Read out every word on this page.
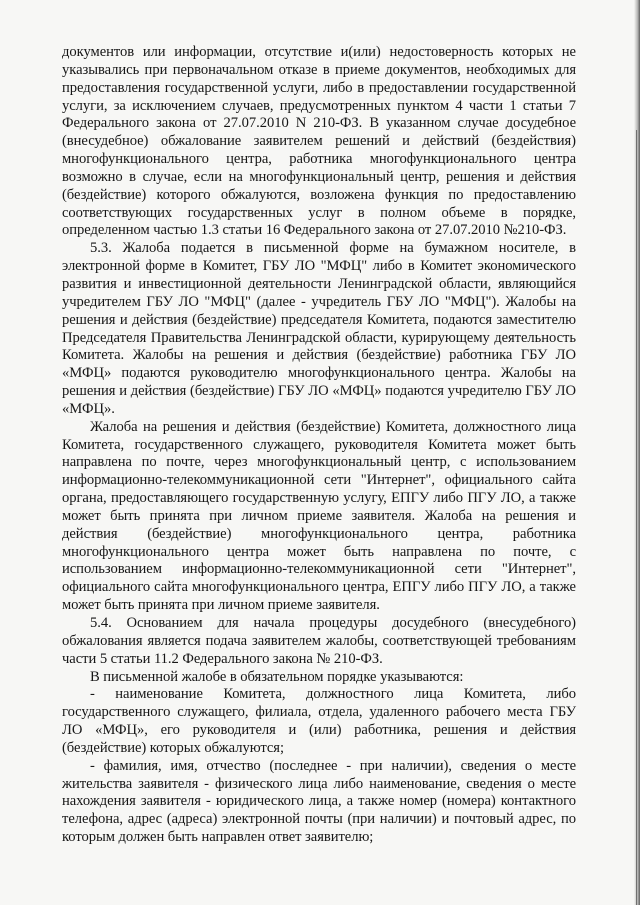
документов или информации, отсутствие и(или) недостоверность которых не указывались при первоначальном отказе в приеме документов, необходимых для предоставления государственной услуги, либо в предоставлении государственной услуги, за исключением случаев, предусмотренных пунктом 4 части 1 статьи 7 Федерального закона от 27.07.2010 N 210-ФЗ. В указанном случае досудебное (внесудебное) обжалование заявителем решений и действий (бездействия) многофункционального центра, работника многофункционального центра возможно в случае, если на многофункциональный центр, решения и действия (бездействие) которого обжалуются, возложена функция по предоставлению соответствующих государственных услуг в полном объеме в порядке, определенном частью 1.3 статьи 16 Федерального закона от 27.07.2010 №210-ФЗ.

5.3. Жалоба подается в письменной форме на бумажном носителе, в электронной форме в Комитет, ГБУ ЛО "МФЦ" либо в Комитет экономического развития и инвестиционной деятельности Ленинградской области, являющийся учредителем ГБУ ЛО "МФЦ" (далее - учредитель ГБУ ЛО "МФЦ"). Жалобы на решения и действия (бездействие) председателя Комитета, подаются заместителю Председателя Правительства Ленинградской области, курирующему деятельность Комитета. Жалобы на решения и действия (бездействие) работника ГБУ ЛО «МФЦ» подаются руководителю многофункционального центра. Жалобы на решения и действия (бездействие) ГБУ ЛО «МФЦ» подаются учредителю ГБУ ЛО «МФЦ».

Жалоба на решения и действия (бездействие) Комитета, должностного лица Комитета, государственного служащего, руководителя Комитета может быть направлена по почте, через многофункциональный центр, с использованием информационно-телекоммуникационной сети "Интернет", официального сайта органа, предоставляющего государственную услугу, ЕПГУ либо ПГУ ЛО, а также может быть принята при личном приеме заявителя. Жалоба на решения и действия (бездействие) многофункционального центра, работника многофункционального центра может быть направлена по почте, с использованием информационно-телекоммуникационной сети "Интернет", официального сайта многофункционального центра, ЕПГУ либо ПГУ ЛО, а также может быть принята при личном приеме заявителя.

5.4. Основанием для начала процедуры досудебного (внесудебного) обжалования является подача заявителем жалобы, соответствующей требованиям части 5 статьи 11.2 Федерального закона № 210-ФЗ.

В письменной жалобе в обязательном порядке указываются:

- наименование Комитета, должностного лица Комитета, либо государственного служащего, филиала, отдела, удаленного рабочего места ГБУ ЛО «МФЦ», его руководителя и (или) работника, решения и действия (бездействие) которых обжалуются;

- фамилия, имя, отчество (последнее - при наличии), сведения о месте жительства заявителя - физического лица либо наименование, сведения о месте нахождения заявителя - юридического лица, а также номер (номера) контактного телефона, адрес (адреса) электронной почты (при наличии) и почтовый адрес, по которым должен быть направлен ответ заявителю;
